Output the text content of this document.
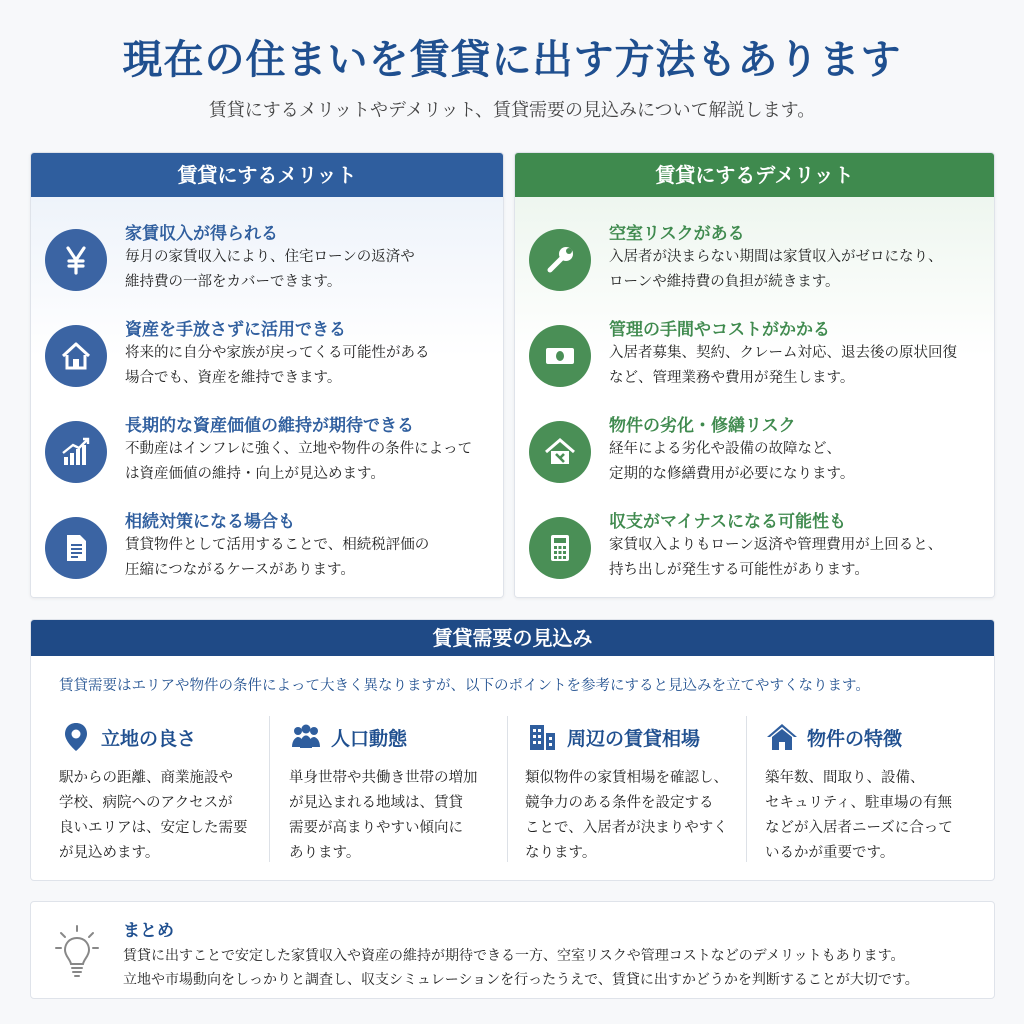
現在の住まいを賃貸に出す方法もあります
賃貸にするメリットやデメリット、賃貸需要の見込みについて解説します。
賃貸にするメリット
家賃収入が得られる
毎月の家賃収入により、住宅ローンの返済や
維持費の一部をカバーできます。
資産を手放さずに活用できる
将来的に自分や家族が戻ってくる可能性がある
場合でも、資産を維持できます。
長期的な資産価値の維持が期待できる
不動産はインフレに強く、立地や物件の条件によって
は資産価値の維持・向上が見込めます。
相続対策になる場合も
賃貸物件として活用することで、相続税評価の
圧縮につながるケースがあります。
賃貸にするデメリット
空室リスクがある
入居者が決まらない期間は家賃収入がゼロになり、
ローンや維持費の負担が続きます。
管理の手間やコストがかかる
入居者募集、契約、クレーム対応、退去後の原状回復
など、管理業務や費用が発生します。
物件の劣化・修繕リスク
経年による劣化や設備の故障など、
定期的な修繕費用が必要になります。
収支がマイナスになる可能性も
家賃収入よりもローン返済や管理費用が上回ると、
持ち出しが発生する可能性があります。
賃貸需要の見込み
賃貸需要はエリアや物件の条件によって大きく異なりますが、以下のポイントを参考にすると見込みを立てやすくなります。
立地の良さ
駅からの距離、商業施設や
学校、病院へのアクセスが
良いエリアは、安定した需要
が見込めます。
人口動態
単身世帯や共働き世帯の増加
が見込まれる地域は、賃貸
需要が高まりやすい傾向に
あります。
周辺の賃貸相場
類似物件の家賃相場を確認し、
競争力のある条件を設定する
ことで、入居者が決まりやすく
なります。
物件の特徴
築年数、間取り、設備、
セキュリティ、駐車場の有無
などが入居者ニーズに合って
いるかが重要です。
まとめ
賃貸に出すことで安定した家賃収入や資産の維持が期待できる一方、空室リスクや管理コストなどのデメリットもあります。
立地や市場動向をしっかりと調査し、収支シミュレーションを行ったうえで、賃貸に出すかどうかを判断することが大切です。
